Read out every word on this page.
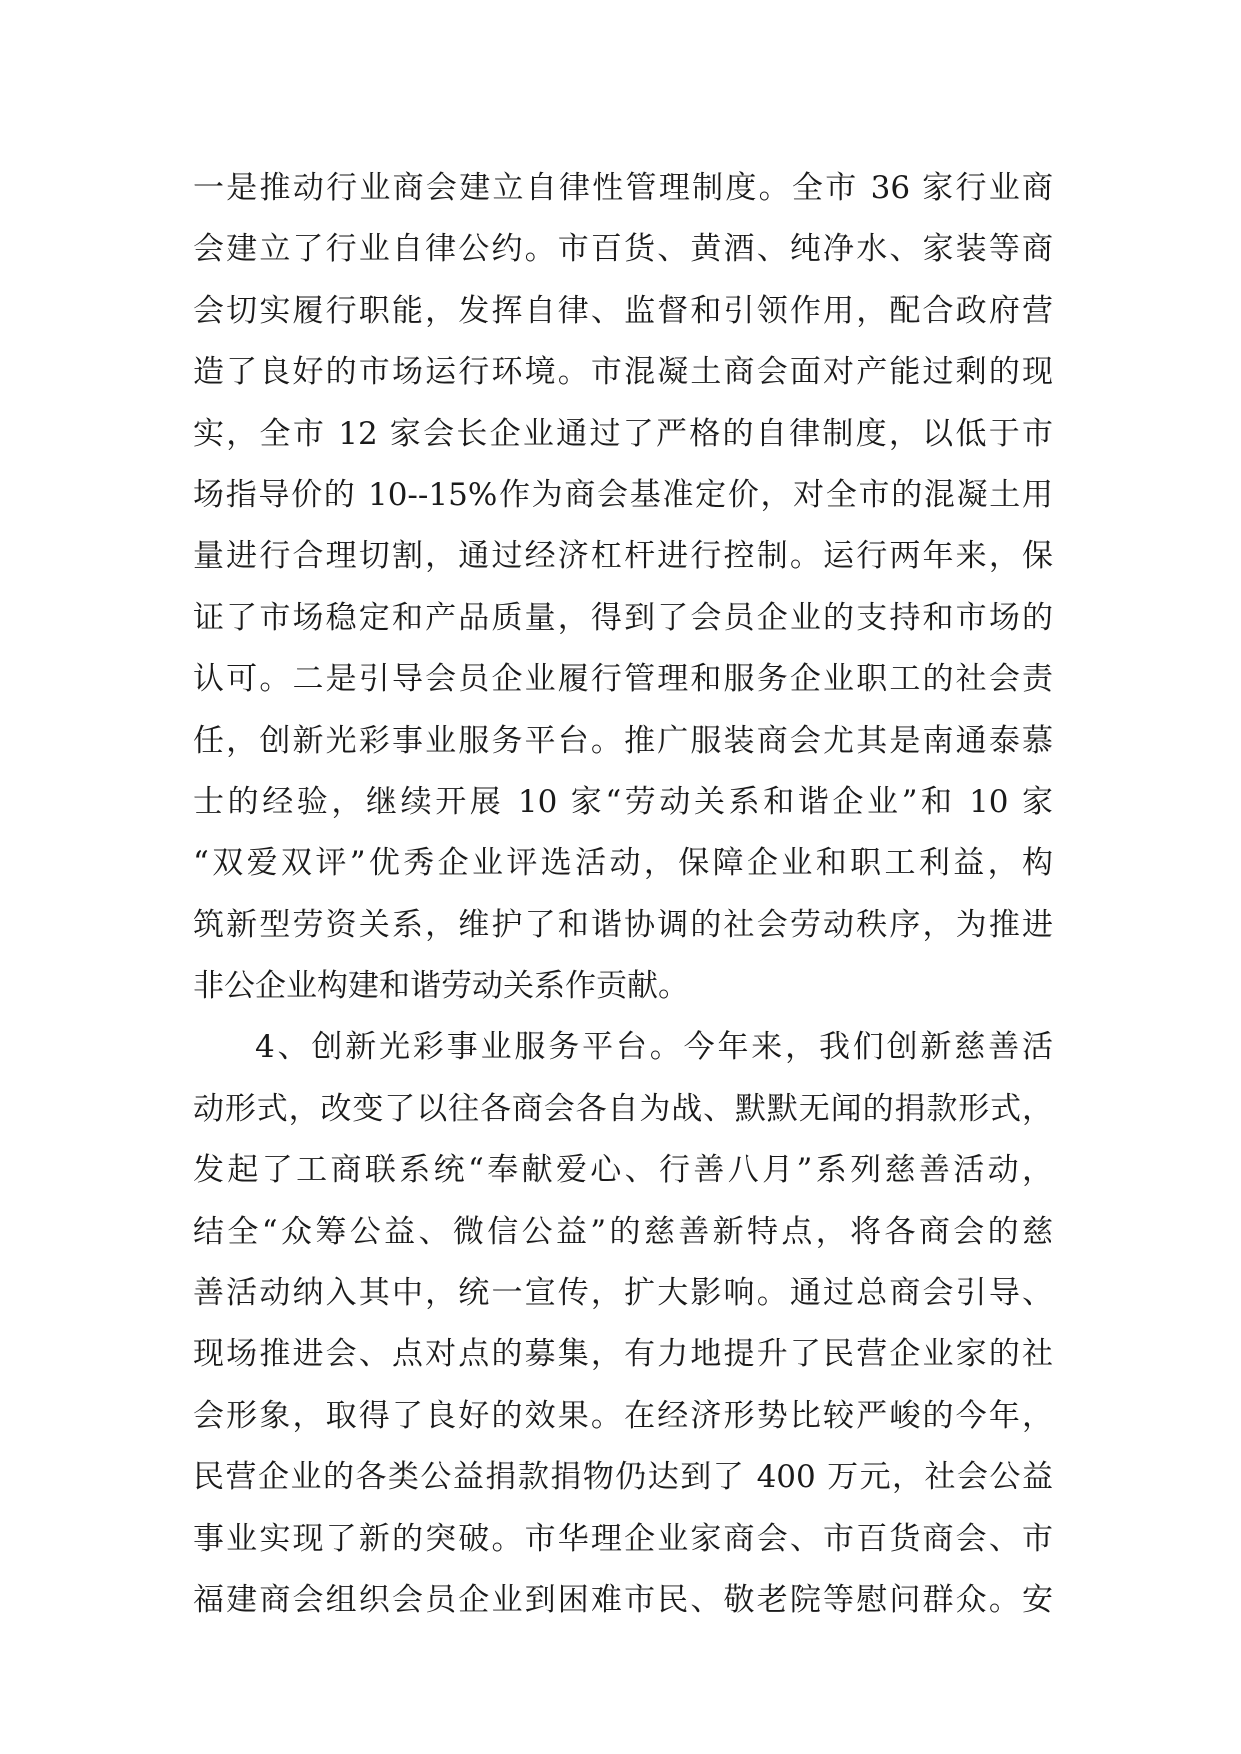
一是推动行业商会建立自律性管理制度。全市 36 家行业商
会建立了行业自律公约。市百货、黄酒、纯净水、家装等商
会切实履行职能，发挥自律、监督和引领作用，配合政府营
造了良好的市场运行环境。市混凝土商会面对产能过剩的现
实，全市 12 家会长企业通过了严格的自律制度，以低于市
场指导价的 10--15%作为商会基准定价，对全市的混凝土用
量进行合理切割，通过经济杠杆进行控制。运行两年来，保
证了市场稳定和产品质量，得到了会员企业的支持和市场的
认可。二是引导会员企业履行管理和服务企业职工的社会责
任，创新光彩事业服务平台。推广服装商会尤其是南通泰慕
士的经验，继续开展 10 家“劳动关系和谐企业”和 10 家
“双爱双评”优秀企业评选活动，保障企业和职工利益，构
筑新型劳资关系，维护了和谐协调的社会劳动秩序，为推进
非公企业构建和谐劳动关系作贡献。
4、创新光彩事业服务平台。今年来，我们创新慈善活
动形式，改变了以往各商会各自为战、默默无闻的捐款形式，
发起了工商联系统“奉献爱心、行善八月”系列慈善活动，
结全“众筹公益、微信公益”的慈善新特点，将各商会的慈
善活动纳入其中，统一宣传，扩大影响。通过总商会引导、
现场推进会、点对点的募集，有力地提升了民营企业家的社
会形象，取得了良好的效果。在经济形势比较严峻的今年，
民营企业的各类公益捐款捐物仍达到了 400 万元，社会公益
事业实现了新的突破。市华理企业家商会、市百货商会、市
福建商会组织会员企业到困难市民、敬老院等慰问群众。安
